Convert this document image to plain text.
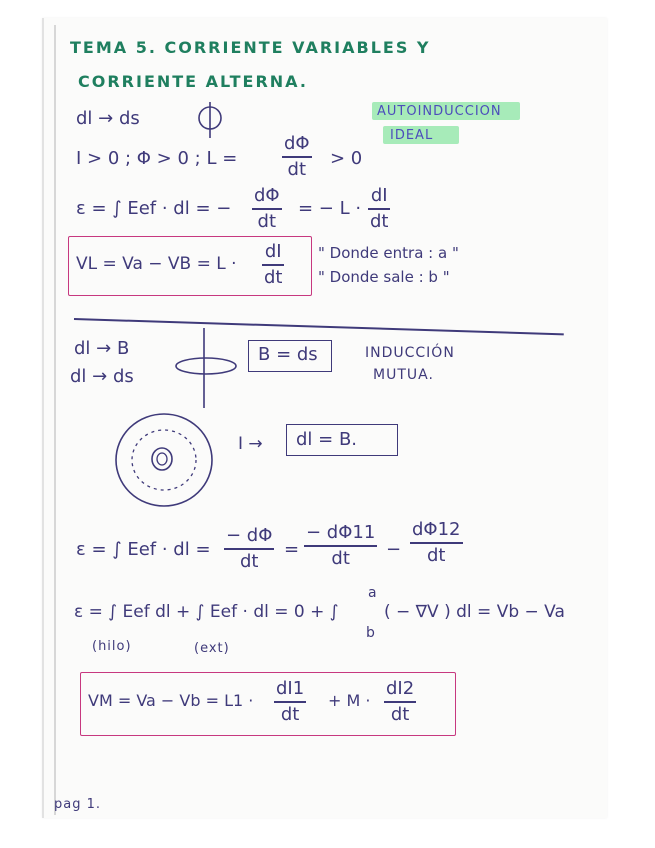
TEMA 5. CORRIENTE VARIABLES Y
CORRIENTE ALTERNA.
AUTOINDUCCION
IDEAL
dl → ds
I > 0 ; Φ > 0 ; L =
dΦ
dt > 0
ε = ∫ Eef · dl = −
dΦ
dt
= − L ·
dI
dt
VL = Va − VB = L ·
dI
dt
" Donde entra : a "
" Donde sale : b "
dl → B
dl → ds
B = ds	INDUCCIÓN
MUTUA.
I → dl = B.
ε = ∫ Eef · dl =
− dΦ
dt
=
− dΦ11
dt −
dΦ12
dt
ε = ∫ Eef dl + ∫ Eef · dl = 0 + ∫
a
b
( − ∇V ) dl = Vb − Va
(hilo)	(ext)
VM = Va − Vb = L1 ·
dI1
dt
+ M ·
dI2
dt
pag 1.
